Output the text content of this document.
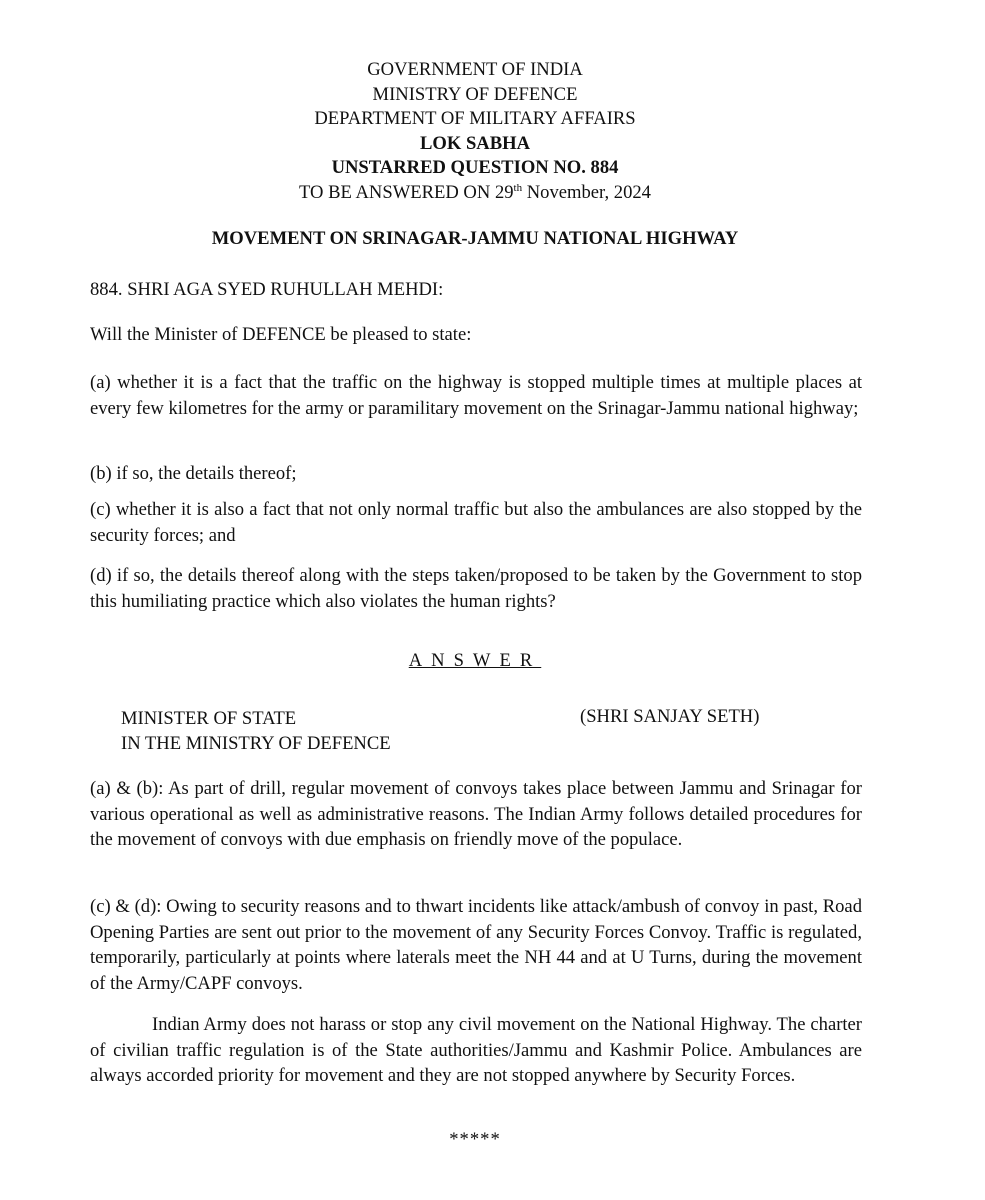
GOVERNMENT OF INDIA
MINISTRY OF DEFENCE
DEPARTMENT OF MILITARY AFFAIRS
LOK SABHA
UNSTARRED QUESTION NO. 884
TO BE ANSWERED ON 29th November, 2024
MOVEMENT ON SRINAGAR-JAMMU NATIONAL HIGHWAY
884. SHRI AGA SYED RUHULLAH MEHDI:
Will the Minister of DEFENCE be pleased to state:
(a) whether it is a fact that the traffic on the highway is stopped multiple times at multiple places at every few kilometres for the army or paramilitary movement on the Srinagar-Jammu national highway;
(b) if so, the details thereof;
(c) whether it is also a fact that not only normal traffic but also the ambulances are also stopped by the security forces; and
(d) if so, the details thereof along with the steps taken/proposed to be taken by the Government to stop this humiliating practice which also violates the human rights?
ANSWER
MINISTER OF STATE
IN THE MINISTRY OF DEFENCE
(SHRI SANJAY SETH)
(a) & (b): As part of drill, regular movement of convoys takes place between Jammu and Srinagar for various operational as well as administrative reasons. The Indian Army follows detailed procedures for the movement of convoys with due emphasis on friendly move of the populace.
(c) & (d): Owing to security reasons and to thwart incidents like attack/ambush of convoy in past, Road Opening Parties are sent out prior to the movement of any Security Forces Convoy. Traffic is regulated, temporarily, particularly at points where laterals meet the NH 44 and at U Turns, during the movement of the Army/CAPF convoys.
Indian Army does not harass or stop any civil movement on the National Highway. The charter of civilian traffic regulation is of the State authorities/Jammu and Kashmir Police. Ambulances are always accorded priority for movement and they are not stopped anywhere by Security Forces.
*****
